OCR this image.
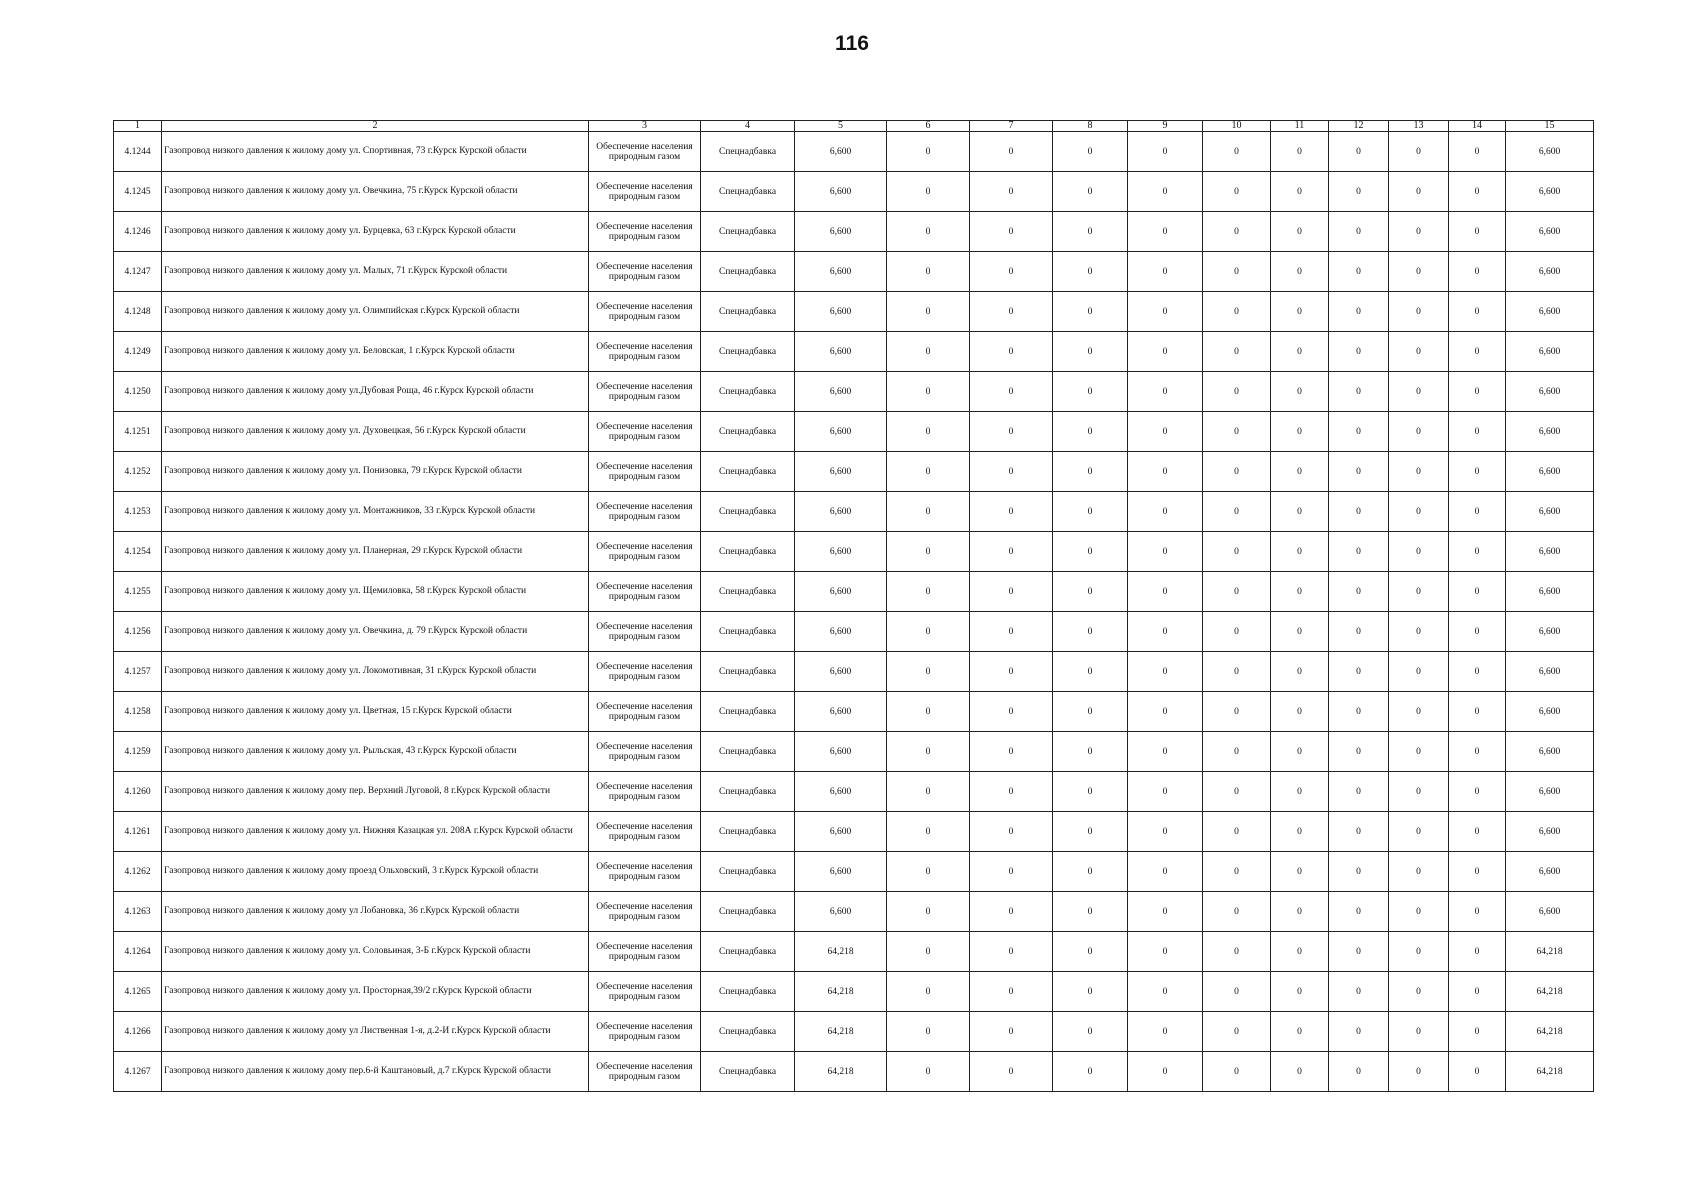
116
1	2	3	4	5	6	7	8	9	10	11	12	13	14	15
4.1244	Газопровод низкого давления к жилому дому ул. Спортивная, 73 г.Курск Курской области	Обеспечение населения природным газом	Спецнадбавка	6,600	0	0	0	0	0	0	0	0	0	6,600
4.1245	Газопровод низкого давления к жилому дому ул. Овечкина, 75 г.Курск Курской области	Обеспечение населения природным газом	Спецнадбавка	6,600	0	0	0	0	0	0	0	0	0	6,600
4.1246	Газопровод низкого давления к жилому дому ул. Бурцевка, 63 г.Курск Курской области	Обеспечение населения природным газом	Спецнадбавка	6,600	0	0	0	0	0	0	0	0	0	6,600
4.1247	Газопровод низкого давления к жилому дому ул. Малых, 71 г.Курск Курской области	Обеспечение населения природным газом	Спецнадбавка	6,600	0	0	0	0	0	0	0	0	0	6,600
4.1248	Газопровод низкого давления к жилому дому ул. Олимпийская г.Курск Курской области	Обеспечение населения природным газом	Спецнадбавка	6,600	0	0	0	0	0	0	0	0	0	6,600
4.1249	Газопровод низкого давления к жилому дому ул. Беловская, 1 г.Курск Курской области	Обеспечение населения природным газом	Спецнадбавка	6,600	0	0	0	0	0	0	0	0	0	6,600
4.1250	Газопровод низкого давления к жилому дому ул.Дубовая Роща, 46 г.Курск Курской области	Обеспечение населения природным газом	Спецнадбавка	6,600	0	0	0	0	0	0	0	0	0	6,600
4.1251	Газопровод низкого давления к жилому дому ул. Духовецкая, 56 г.Курск Курской области	Обеспечение населения природным газом	Спецнадбавка	6,600	0	0	0	0	0	0	0	0	0	6,600
4.1252	Газопровод низкого давления к жилому дому ул. Понизовка, 79 г.Курск Курской области	Обеспечение населения природным газом	Спецнадбавка	6,600	0	0	0	0	0	0	0	0	0	6,600
4.1253	Газопровод низкого давления к жилому дому ул. Монтажников, 33 г.Курск Курской области	Обеспечение населения природным газом	Спецнадбавка	6,600	0	0	0	0	0	0	0	0	0	6,600
4.1254	Газопровод низкого давления к жилому дому ул. Планерная, 29 г.Курск Курской области	Обеспечение населения природным газом	Спецнадбавка	6,600	0	0	0	0	0	0	0	0	0	6,600
4.1255	Газопровод низкого давления к жилому дому ул. Щемиловка, 58 г.Курск Курской области	Обеспечение населения природным газом	Спецнадбавка	6,600	0	0	0	0	0	0	0	0	0	6,600
4.1256	Газопровод низкого давления к жилому дому ул. Овечкина, д. 79 г.Курск Курской области	Обеспечение населения природным газом	Спецнадбавка	6,600	0	0	0	0	0	0	0	0	0	6,600
4.1257	Газопровод низкого давления к жилому дому ул. Локомотивная, 31 г.Курск Курской области	Обеспечение населения природным газом	Спецнадбавка	6,600	0	0	0	0	0	0	0	0	0	6,600
4.1258	Газопровод низкого давления к жилому дому ул. Цветная, 15 г.Курск Курской области	Обеспечение населения природным газом	Спецнадбавка	6,600	0	0	0	0	0	0	0	0	0	6,600
4.1259	Газопровод низкого давления к жилому дому ул. Рыльская, 43 г.Курск Курской области	Обеспечение населения природным газом	Спецнадбавка	6,600	0	0	0	0	0	0	0	0	0	6,600
4.1260	Газопровод низкого давления к жилому дому пер. Верхний Луговой, 8 г.Курск Курской области	Обеспечение населения природным газом	Спецнадбавка	6,600	0	0	0	0	0	0	0	0	0	6,600
4.1261	Газопровод низкого давления к жилому дому ул. Нижняя Казацкая ул. 208А г.Курск Курской области	Обеспечение населения природным газом	Спецнадбавка	6,600	0	0	0	0	0	0	0	0	0	6,600
4.1262	Газопровод низкого давления к жилому дому проезд Ольховский, 3 г.Курск Курской области	Обеспечение населения природным газом	Спецнадбавка	6,600	0	0	0	0	0	0	0	0	0	6,600
4.1263	Газопровод низкого давления к жилому дому ул Лобановка, 36 г.Курск Курской области	Обеспечение населения природным газом	Спецнадбавка	6,600	0	0	0	0	0	0	0	0	0	6,600
4.1264	Газопровод низкого давления к жилому дому ул. Соловьиная, 3-Б г.Курск Курской области	Обеспечение населения природным газом	Спецнадбавка	64,218	0	0	0	0	0	0	0	0	0	64,218
4.1265	Газопровод низкого давления к жилому дому ул. Просторная,39/2 г.Курск Курской области	Обеспечение населения природным газом	Спецнадбавка	64,218	0	0	0	0	0	0	0	0	0	64,218
4.1266	Газопровод низкого давления к жилому дому ул Лиственная 1-я, д.2-И г.Курск Курской области	Обеспечение населения природным газом	Спецнадбавка	64,218	0	0	0	0	0	0	0	0	0	64,218
4.1267	Газопровод низкого давления к жилому дому пер.6-й Каштановый, д.7 г.Курск Курской области	Обеспечение населения природным газом	Спецнадбавка	64,218	0	0	0	0	0	0	0	0	0	64,218
